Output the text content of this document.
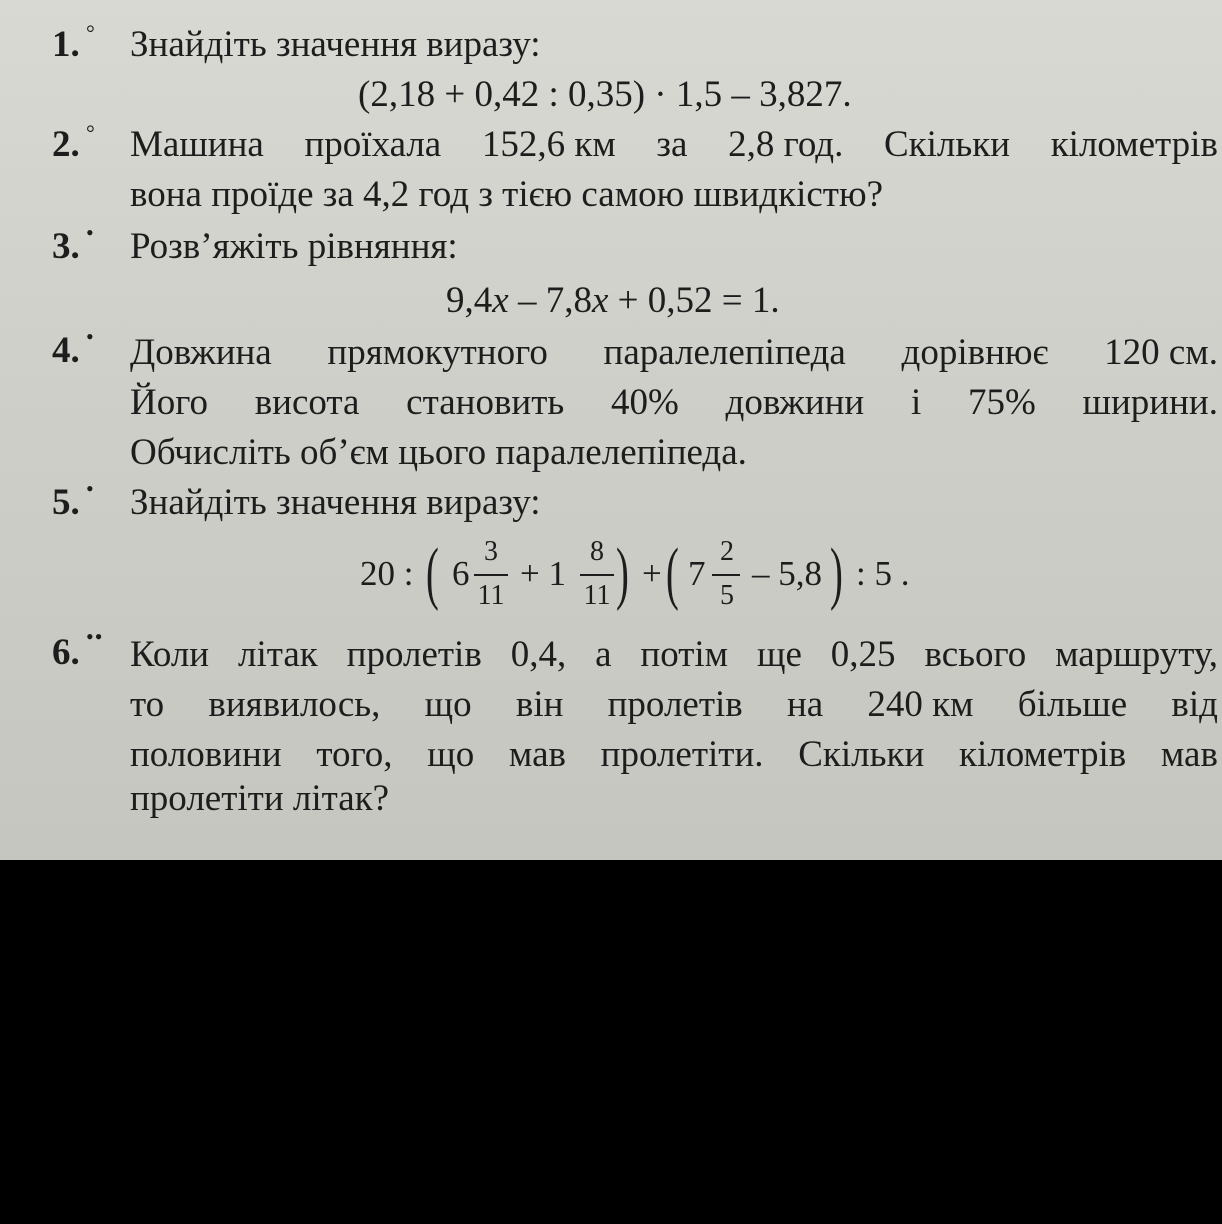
1. ° Знайдіть значення виразу:
(2,18 + 0,42 : 0,35) · 1,5 – 3,827.
2. ° Машина проїхала 152,6 км за 2,8 год. Скільки кілометрів
вона проїде за 4,2 год з тією самою швидкістю?
3. • Розв’яжіть рівняння:
9,4x – 7,8x + 0,52 = 1.
4. • Довжина прямокутного паралелепіпеда дорівнює 120 см.
Його висота становить 40% довжини і 75% ширини.
Обчисліть об’єм цього паралелепіпеда.
5. • Знайдіть значення виразу:
20 : ( 6
3
11
+ 1
8
11 ) + ( 7
2
5
– 5,8 ) : 5 .
6. •• Коли літак пролетів 0,4, а потім ще 0,25 всього маршруту,
то виявилось, що він пролетів на 240 км більше від
половини того, що мав пролетіти. Скільки кілометрів мав
пролетіти літак?
